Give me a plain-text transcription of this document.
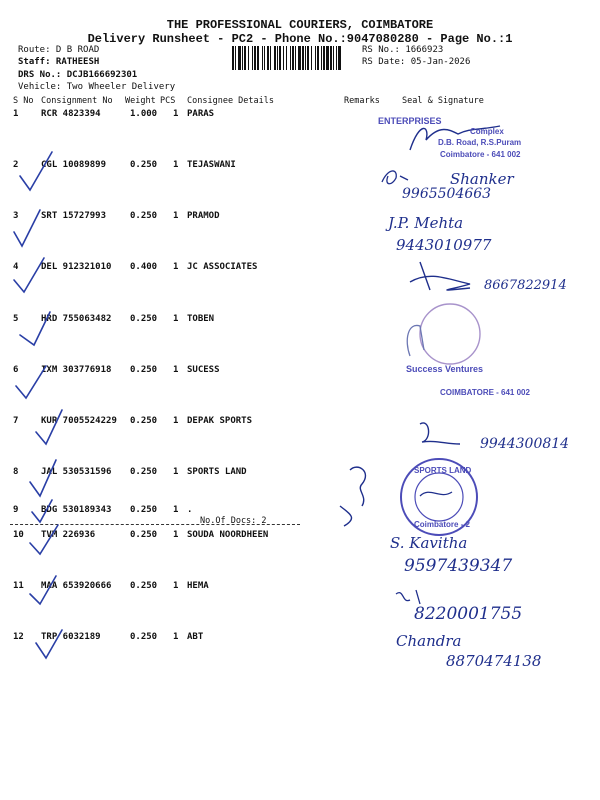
THE PROFESSIONAL COURIERS, COIMBATORE
Delivery Runsheet - PC2 - Phone No.:9047080280 - Page No.:1
Route: D B ROAD
Staff: RATHEESH
DRS No.: DCJB166692301
Vehicle: Two Wheeler Delivery
RS No.: 1666923
RS Date: 05-Jan-2026
S No Consignment No Weight PCS Consignee Details	Remarks	Seal & Signature
1	RCR 4823394	1.000 1 PARAS
2	CGL 10089899	0.250 1 TEJASWANI
3	SRT 15727993	0.250 1 PRAMOD
4	DEL 912321010 0.400 1 JC ASSOCIATES
5	HRD 755063482 0.250 1 TOBEN
6	IXM 303776918 0.250 1 SUCESS
7	KUR 7005524229 0.250 1 DEPAK SPORTS
8	JAL 530531596 0.250 1 SPORTS LAND
9	BDG 530189343 0.250 1 .
No.Of Docs: 2
10 TVM 226936	0.250 1 SOUDA NOORDHEEN
11 MAA 653920666 0.250 1 HEMA
12 TRP 6032189	0.250 1 ABT
ENTERPRISES
Complex
D.B. Road, R.S.Puram
Coimbatore - 641 002
Success Ventures
COIMBATORE - 641 002
SPORTS LAND
Coimbatore - 2
Shanker
9965504663
J.P. Mehta
9443010977
8667822914
9944300814
S. Kavitha
9597439347
8220001755
Chandra
8870474138
